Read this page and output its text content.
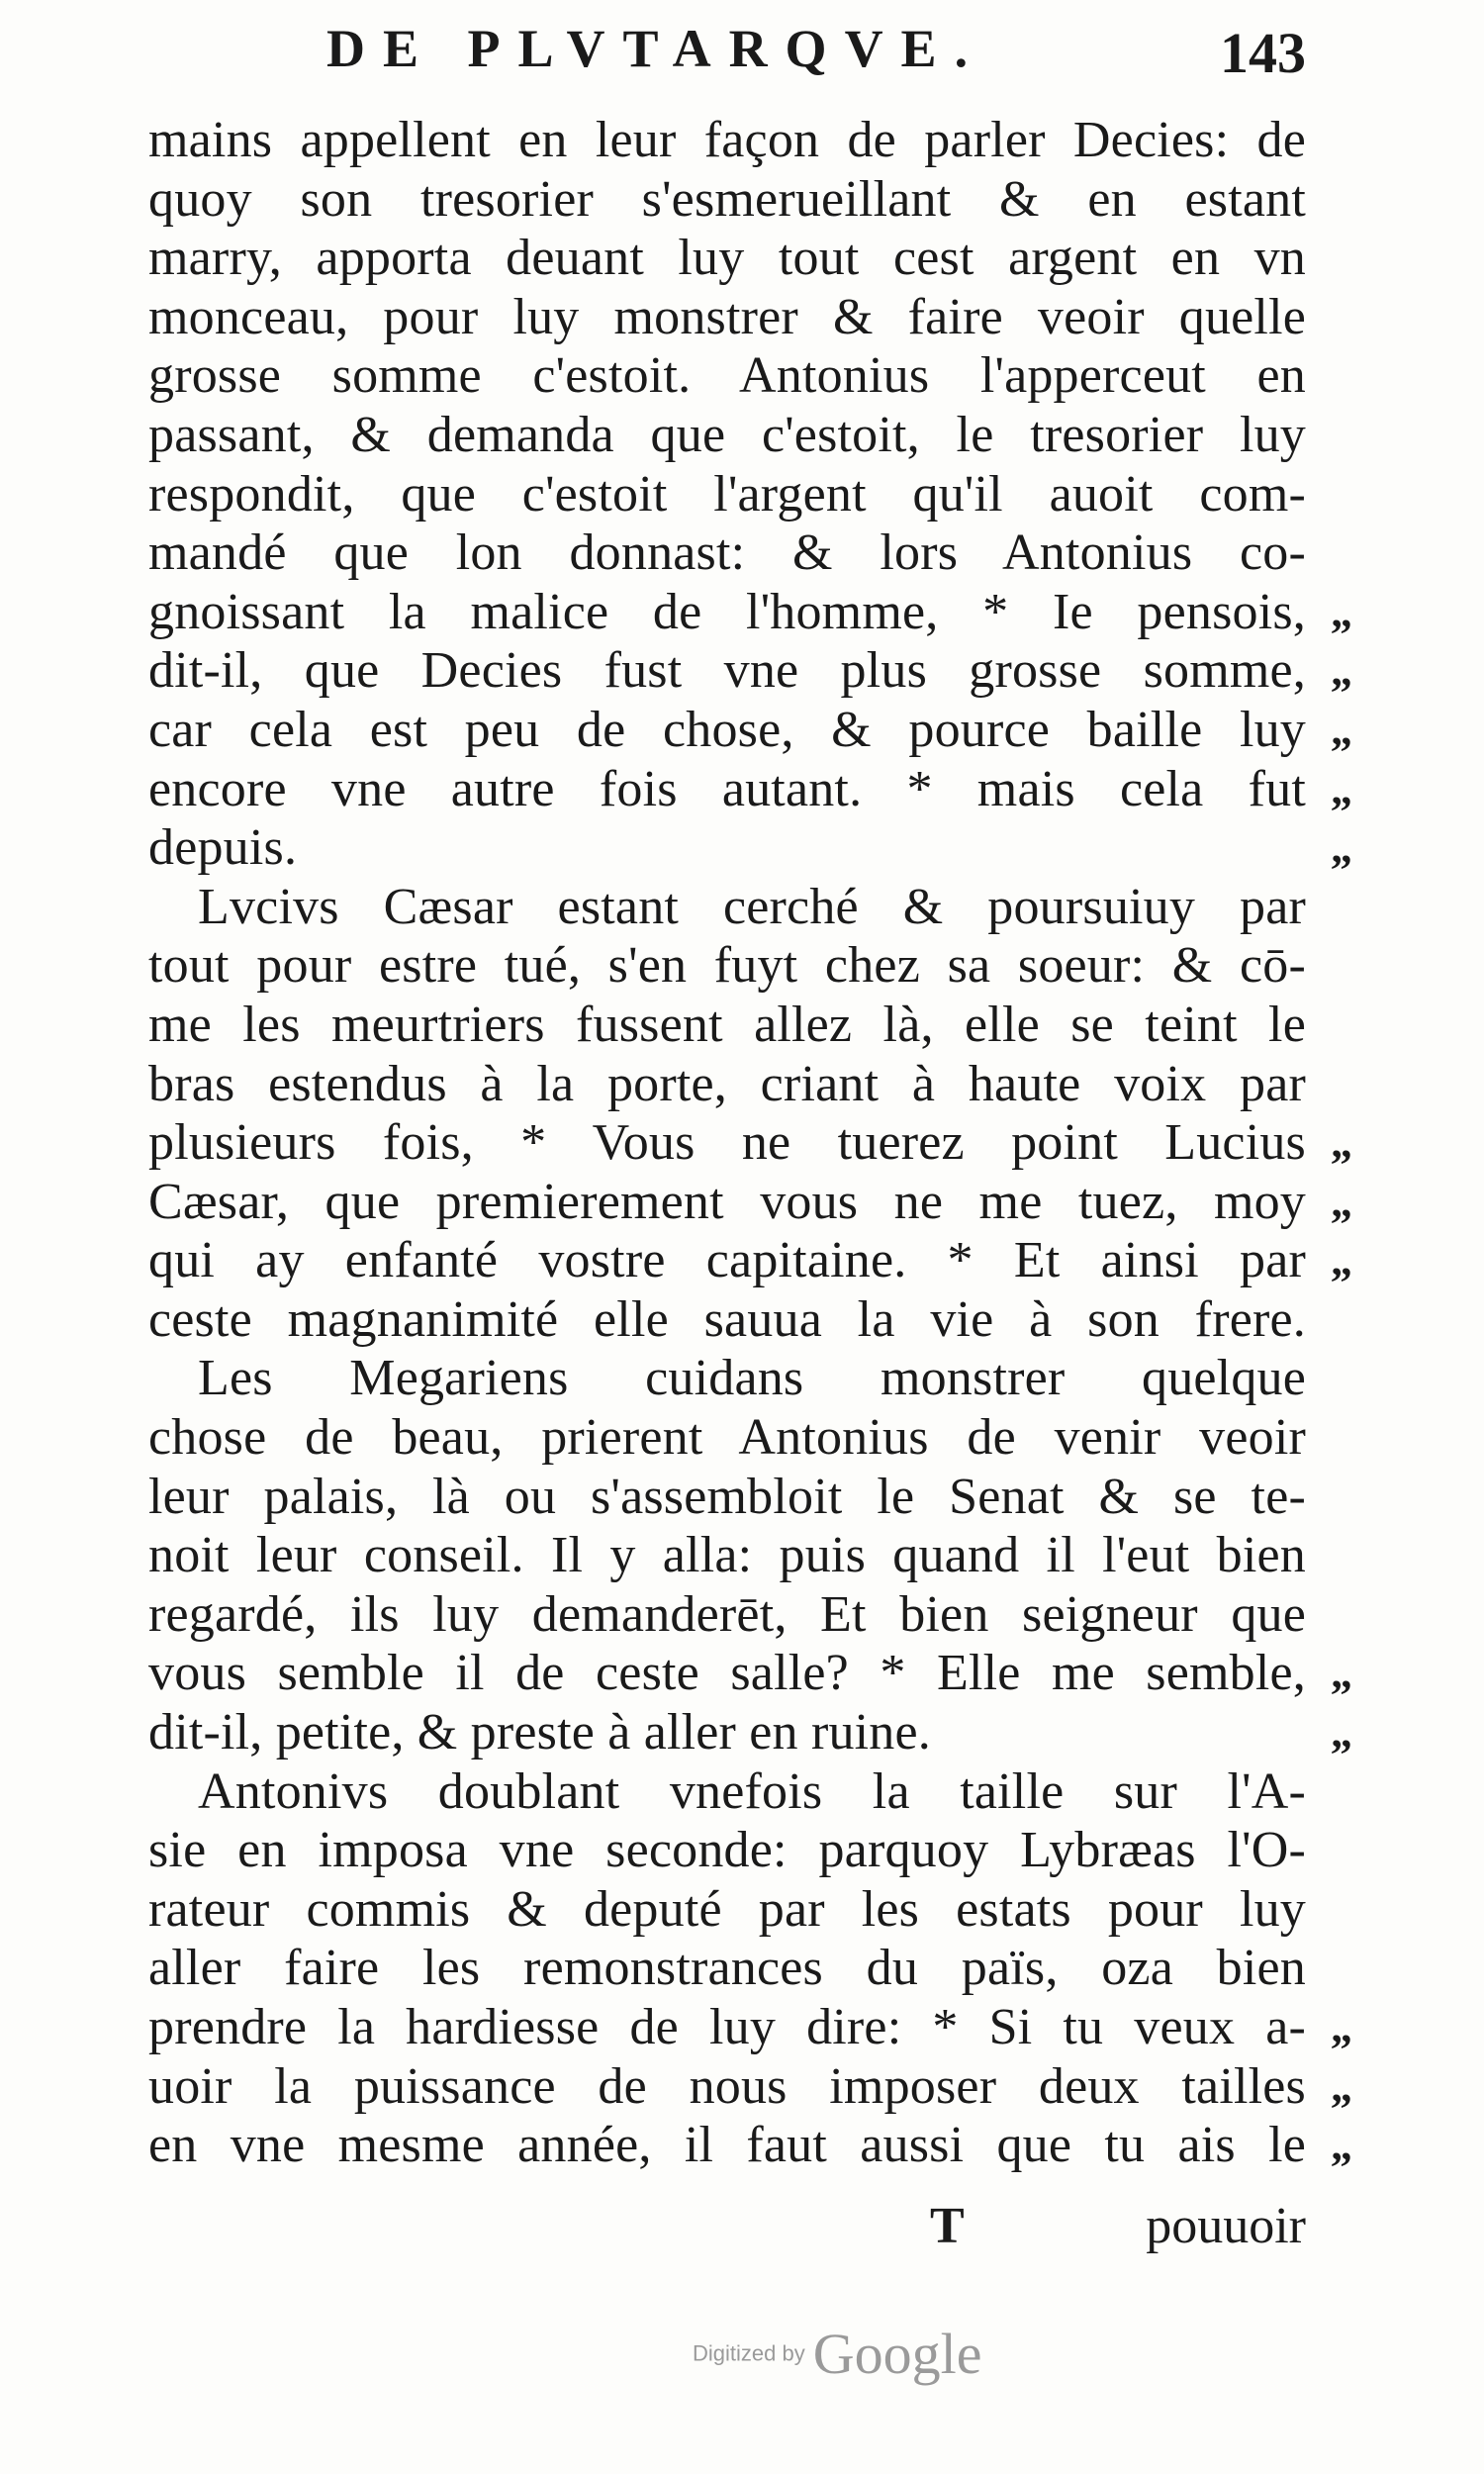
DE PLVTARQVE.	143
mains appellent en leur façon de parler Decies: de
quoy son tresorier s'esmerueillant & en estant
marry, apporta deuant luy tout cest argent en vn
monceau, pour luy monstrer & faire veoir quelle
grosse somme c'estoit. Antonius l'apperceut en
passant, & demanda que c'estoit, le tresorier luy
respondit, que c'estoit l'argent qu'il auoit com-
mandé que lon donnast: & lors Antonius co-
gnoissant la malice de l'homme, * Ie pensois, „
dit-il, que Decies fust vne plus grosse somme, „
car cela est peu de chose, & pource baille luy „
encore vne autre fois autant. * mais cela fut „
depuis.	„
Lvcivs Cæsar estant cerché & poursuiuy par
tout pour estre tué, s'en fuyt chez sa soeur: & cō-
me les meurtriers fussent allez là, elle se teint le
bras estendus à la porte, criant à haute voix par
plusieurs fois, * Vous ne tuerez point Lucius „
Cæsar, que premierement vous ne me tuez, moy „
qui ay enfanté vostre capitaine. * Et ainsi par „
ceste magnanimité elle sauua la vie à son frere.
Les Megariens cuidans monstrer quelque
chose de beau, prierent Antonius de venir veoir
leur palais, là ou s'assembloit le Senat & se te-
noit leur conseil. Il y alla: puis quand il l'eut bien
regardé, ils luy demanderēt, Et bien seigneur que
vous semble il de ceste salle? * Elle me semble, „
dit-il, petite, & preste à aller en ruine.	„
Antonivs doublant vnefois la taille sur l'A-
sie en imposa vne seconde: parquoy Lybræas l'O-
rateur commis & deputé par les estats pour luy
aller faire les remonstrances du païs, oza bien
prendre la hardiesse de luy dire: * Si tu veux a- „
uoir la puissance de nous imposer deux tailles „
en vne mesme année, il faut aussi que tu ais le „
T	pouuoir
Digitized by Google
